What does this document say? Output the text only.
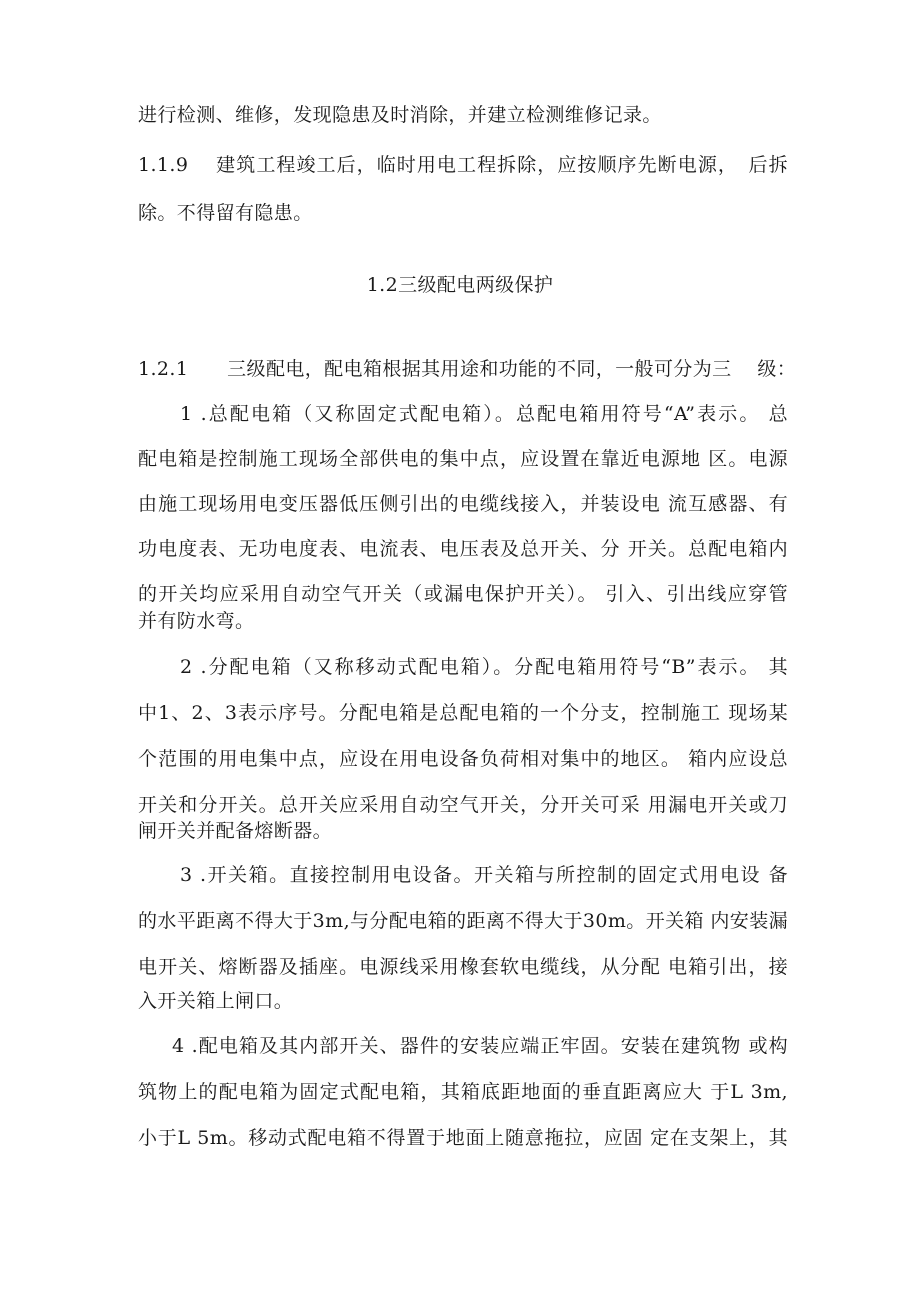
进行检测、维修，发现隐患及时消除，并建立检测维修记录。
1.1.9　 建筑工程竣工后，临时用电工程拆除，应按顺序先断电源，　后拆
除。不得留有隐患。
1.2三级配电两级保护
1.2.1　　三级配电，配电箱根据其用途和功能的不同，一般可分为三　 级：
1 .总配电箱（又称固定式配电箱）。总配电箱用符号“A”表示。 总
配电箱是控制施工现场全部供电的集中点，应设置在靠近电源地 区。电源
由施工现场用电变压器低压侧引出的电缆线接入，并装设电 流互感器、有
功电度表、无功电度表、电流表、电压表及总开关、分 开关。总配电箱内
的开关均应采用自动空气开关（或漏电保护开关）。 引入、引出线应穿管
并有防水弯。
2 .分配电箱（又称移动式配电箱）。分配电箱用符号“B”表示。 其
中1、2、3表示序号。分配电箱是总配电箱的一个分支，控制施工 现场某
个范围的用电集中点，应设在用电设备负荷相对集中的地区。 箱内应设总
开关和分开关。总开关应采用自动空气开关，分开关可采 用漏电开关或刀
闸开关并配备熔断器。
3 .开关箱。直接控制用电设备。开关箱与所控制的固定式用电设 备
的水平距离不得大于3m,与分配电箱的距离不得大于30m。开关箱 内安装漏
电开关、熔断器及插座。电源线采用橡套软电缆线，从分配 电箱引出，接
入开关箱上闸口。
4 .配电箱及其内部开关、器件的安装应端正牢固。安装在建筑物 或构
筑物上的配电箱为固定式配电箱，其箱底距地面的垂直距离应大 于L 3m,
小于L 5m。移动式配电箱不得置于地面上随意拖拉，应固 定在支架上，其
